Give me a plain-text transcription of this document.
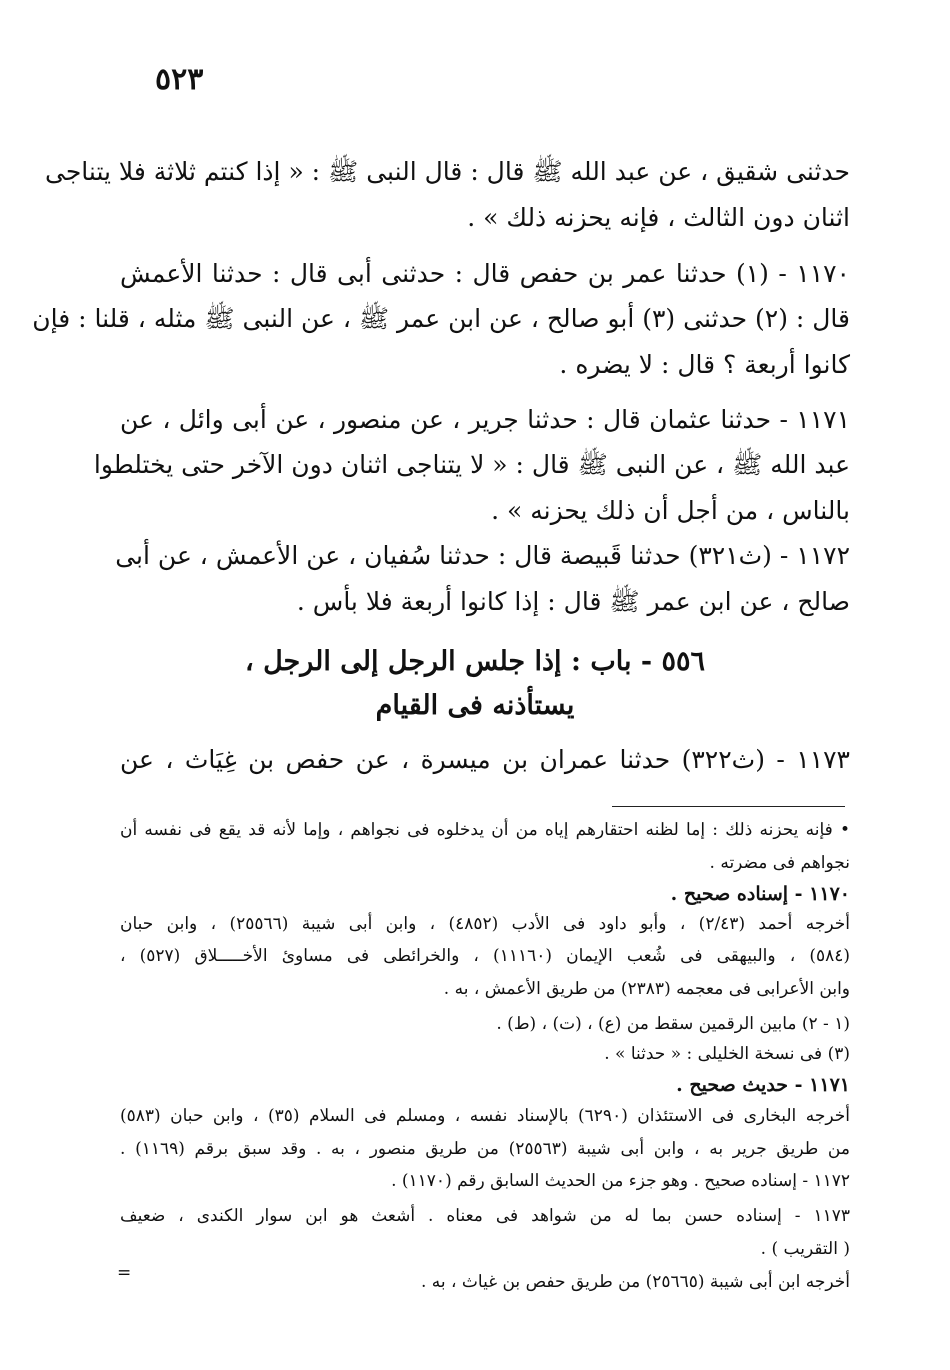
٥٢٣
حدثنى شقيق ، عن عبد الله ﷺ قال : قال النبى ﷺ : « إذا كنتم ثلاثة فلا يتناجى
اثنان دون الثالث ، فإنه يحزنه ذلك » .
١١٧٠ - (١) حدثنا عمر بن حفص قال : حدثنى أبى قال : حدثنا الأعمش
قال : (٢) حدثنى (٣) أبو صالح ، عن ابن عمر ﷺ ، عن النبى ﷺ مثله ، قلنا : فإن
كانوا أربعة ؟ قال : لا يضره .
١١٧١ - حدثنا عثمان قال : حدثنا جرير ، عن منصور ، عن أبى وائل ، عن
عبد الله ﷺ ، عن النبى ﷺ قال : « لا يتناجى اثنان دون الآخر حتى يختلطوا
بالناس ، من أجل أن ذلك يحزنه » .
١١٧٢ - (ث٣٢١) حدثنا قَبيصة قال : حدثنا سُفيان ، عن الأعمش ، عن أبى
صالح ، عن ابن عمر ﷺ قال : إذا كانوا أربعة فلا بأس .
٥٥٦ - باب : إذا جلس الرجل إلى الرجل ،
يستأذنه فى القيام
١١٧٣ - (ث٣٢٢) حدثنا عمران بن ميسرة ، عن حفص بن غِيَاث ، عن
• فإنه يحزنه ذلك : إما لظنه احتقارهم إياه من أن يدخلوه فى نجواهم ، وإما لأنه قد يقع فى نفسه أن
نجواهم فى مضرته .
١١٧٠ - إسناده صحيح .
أخرجه أحمد (٢/٤٣) ، وأبو داود فى الأدب (٤٨٥٢) ، وابن أبى شيبة (٢٥٥٦٦) ، وابن حبان
(٥٨٤) ، والبيهقى فى شُعب الإيمان (١١١٦٠) ، والخرائطى فى مساوئ الأخـــــلاق (٥٢٧) ،
وابن الأعرابى فى معجمه (٢٣٨٣) من طريق الأعمش ، به .
(١ - ٢) مابين الرقمين سقط من (ع) ، (ت) ، (ط) .
(٣) فى نسخة الخليلى : « حدثنا » .
١١٧١ - حديث صحيح .
أخرجه البخارى فى الاستئذان (٦٢٩٠) بالإسناد نفسه ، ومسلم فى السلام (٣٥) ، وابن حبان (٥٨٣)
من طريق جرير به ، وابن أبى شيبة (٢٥٥٦٣) من طريق منصور ، به . وقد سبق برقم (١١٦٩) .
١١٧٢ - إسناده صحيح . وهو جزء من الحديث السابق رقم (١١٧٠) .
١١٧٣ - إسناده حسن بما له من شواهد فى معناه . أشعث هو ابن سوار الكندى ، ضعيف
( التقريب ) .
أخرجه ابن أبى شيبة (٢٥٦٦٥) من طريق حفص بن غياث ، به .
=
